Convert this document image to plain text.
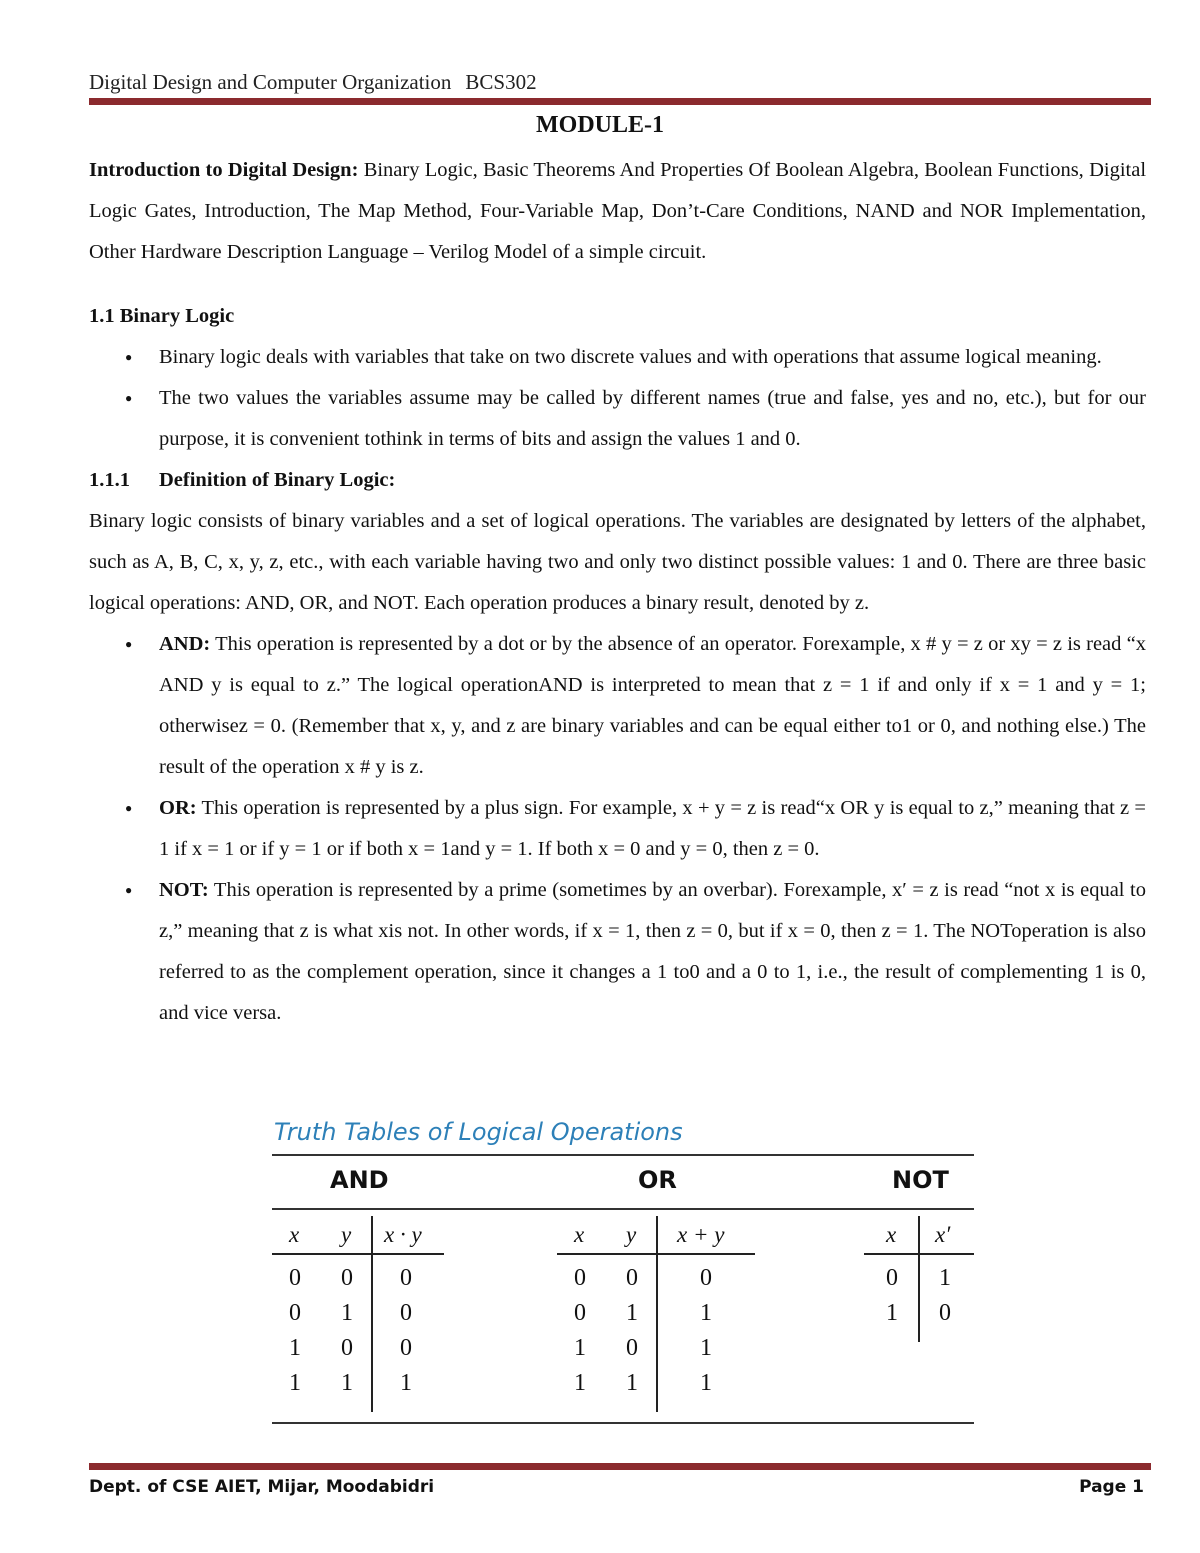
Digital Design and Computer Organization BCS302
MODULE-1

Introduction to Digital Design: Binary Logic, Basic Theorems And Properties Of Boolean Algebra, Boolean Functions, Digital Logic Gates, Introduction, The Map Method, Four-Variable Map, Don’t-Care Conditions, NAND and NOR Implementation, Other Hardware Description Language – Verilog Model of a simple circuit.

1.1 Binary Logic

● Binary logic deals with variables that take on two discrete values and with operations that assume logical meaning.
● The two values the variables assume may be called by different names (true and false, yes and no, etc.), but for our purpose, it is convenient tothink in terms of bits and assign the values 1 and 0.

1.1.1 Definition of Binary Logic:

Binary logic consists of binary variables and a set of logical operations. The variables are designated by letters of the alphabet, such as A, B, C, x, y, z, etc., with each variable having two and only two distinct possible values: 1 and 0. There are three basic logical operations: AND, OR, and NOT. Each operation produces a binary result, denoted by z.

● AND: This operation is represented by a dot or by the absence of an operator. Forexample, x # y = z or xy = z is read “x AND y is equal to z.” The logical operationAND is interpreted to mean that z = 1 if and only if x = 1 and y = 1; otherwisez = 0. (Remember that x, y, and z are binary variables and can be equal either to1 or 0, and nothing else.) The result of the operation x # y is z.
● OR: This operation is represented by a plus sign. For example, x + y = z is read“x OR y is equal to z,” meaning that z = 1 if x = 1 or if y = 1 or if both x = 1and y = 1. If both x = 0 and y = 0, then z = 0.
● NOT: This operation is represented by a prime (sometimes by an overbar). Forexample, x′ = z is read “not x is equal to z,” meaning that z is what xis not. In other words, if x = 1, then z = 0, but if x = 0, then z = 1. The NOToperation is also referred to as the complement operation, since it changes a 1 to0 and a 0 to 1, i.e., the result of complementing 1 is 0, and vice versa.
Truth Tables of Logical Operations
AND	OR	NOT
x y x · y
0 0 0
0 1 0
1 0 0
1 1 1
x y x + y
0 0	0
0 1	1
1 0	1
1 1	1
x x′
0 1
1 0
Dept. of CSE AIET, Mijar, Moodabidri	Page 1
